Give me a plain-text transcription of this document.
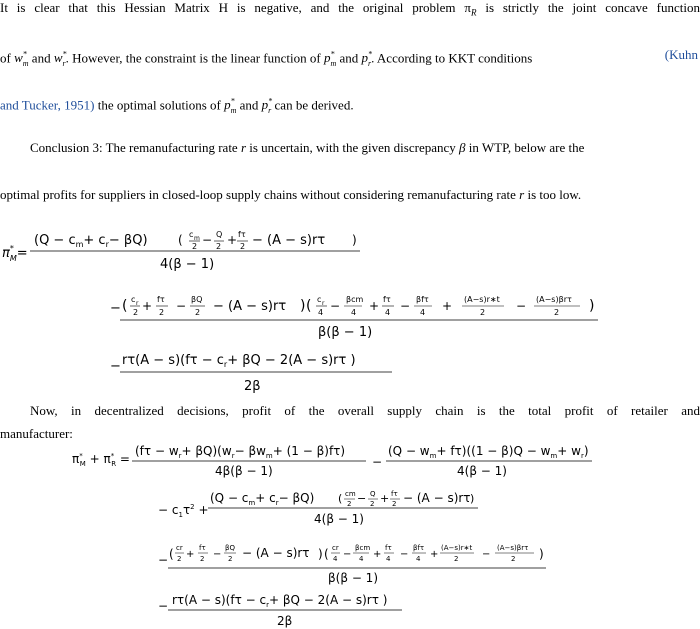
It is clear that this Hessian Matrix H is negative, and the original problem $\pi_R$ is strictly the joint concave function
of $w^*_m$ and $w^*_r$. However, the constraint is the linear function of $p^*_m$ and $p^*_r$. According to KKT conditions	(Kuhn
and Tucker, 1951) the optimal solutions of $p^*_m$ and $p^*_r$ can be derived.
Conclusion 3: The remanufacturing rate r is uncertain, with the given discrepancy β in WTP, below are the
optimal profits for suppliers in closed-loop supply chains without considering remanufacturing rate r is too low.
π* M=
$(Q - c_m+ c_r- \beta Q)$	( c m
2 − Q
2 + fτ
2 − (A − s)rτ )
4(β − 1)
− ( c r
2 + fτ
2 − βQ
2 − (A − s)rτ ) ( c r
4 − βcm
4 + fτ
4 − βfτ
4 + (A−s)r∗t
2	− (A−s)βrτ
2 )
β(β − 1)
− $r\tau(A - s)(f\tau - c_r+ \beta Q - 2(A - s)r\tau$ )
2β
π* M + π* R =
$(f\tau - w_r+ \beta Q)(w_r- \beta w_m+ (1 - \beta)f\tau)$
4β(β − 1)
−
$(Q - w_m+ f\tau)((1 - \beta)Q - w_m+ w_r)$
4(β − 1)
− $c_1\tau^2$ +
$(Q - c_m+ c_r- \beta Q)$ ( cm
2 − Q
2 + fτ
2 − (A − s)rτ )
4(β − 1)
− ( cr
2 +
fτ
2 −
βQ
2 − (A − s)rτ ) ( cr
4 −
βcm
4 +
fτ
4 −
βfτ
4 +
(A−s)r∗t
2 −
(A−s)βrτ
2 )
β(β − 1)
− $r\tau(A - s)(f\tau - c_r+ \beta Q - 2(A - s)r\tau$ )
2β
Now, in decentralized decisions, profit of the overall supply chain is the total profit of retailer and
manufacturer:
